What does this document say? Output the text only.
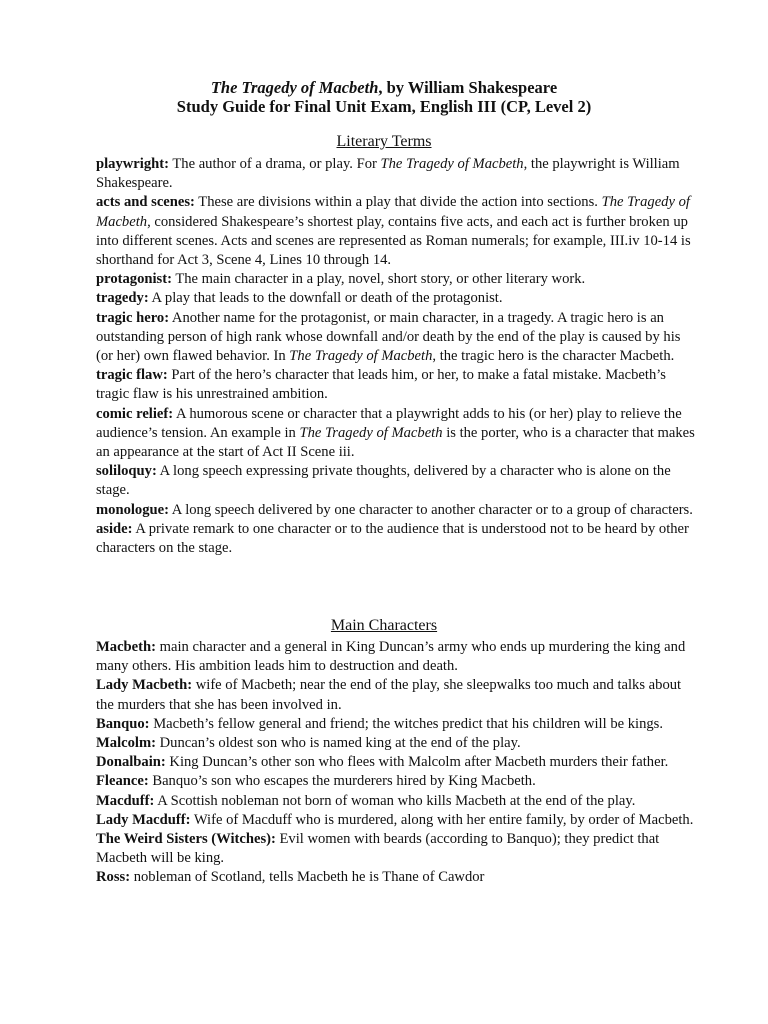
The Tragedy of Macbeth, by William Shakespeare
Study Guide for Final Unit Exam, English III (CP, Level 2)
Literary Terms

playwright: The author of a drama, or play. For The Tragedy of Macbeth, the playwright is William Shakespeare.

acts and scenes: These are divisions within a play that divide the action into sections. The Tragedy of Macbeth, considered Shakespeare’s shortest play, contains five acts, and each act is further broken up into different scenes. Acts and scenes are represented as Roman numerals; for example, III.iv 10-14 is shorthand for Act 3, Scene 4, Lines 10 through 14.

protagonist: The main character in a play, novel, short story, or other literary work.

tragedy: A play that leads to the downfall or death of the protagonist.

tragic hero: Another name for the protagonist, or main character, in a tragedy. A tragic hero is an outstanding person of high rank whose downfall and/or death by the end of the play is caused by his (or her) own flawed behavior. In The Tragedy of Macbeth, the tragic hero is the character Macbeth.

tragic flaw: Part of the hero’s character that leads him, or her, to make a fatal mistake. Macbeth’s tragic flaw is his unrestrained ambition.

comic relief: A humorous scene or character that a playwright adds to his (or her) play to relieve the audience’s tension. An example in The Tragedy of Macbeth is the porter, who is a character that makes an appearance at the start of Act II Scene iii.

soliloquy: A long speech expressing private thoughts, delivered by a character who is alone on the stage.

monologue: A long speech delivered by one character to another character or to a group of characters.

aside: A private remark to one character or to the audience that is understood not to be heard by other characters on the stage.

Main Characters

Macbeth: main character and a general in King Duncan’s army who ends up murdering the king and many others. His ambition leads him to destruction and death.

Lady Macbeth: wife of Macbeth; near the end of the play, she sleepwalks too much and talks about the murders that she has been involved in.

Banquo: Macbeth’s fellow general and friend; the witches predict that his children will be kings.

Malcolm: Duncan’s oldest son who is named king at the end of the play.

Donalbain: King Duncan’s other son who flees with Malcolm after Macbeth murders their father.

Fleance: Banquo’s son who escapes the murderers hired by King Macbeth.

Macduff: A Scottish nobleman not born of woman who kills Macbeth at the end of the play.

Lady Macduff: Wife of Macduff who is murdered, along with her entire family, by order of Macbeth.

The Weird Sisters (Witches): Evil women with beards (according to Banquo); they predict that Macbeth will be king.

Ross: nobleman of Scotland, tells Macbeth he is Thane of Cawdor
